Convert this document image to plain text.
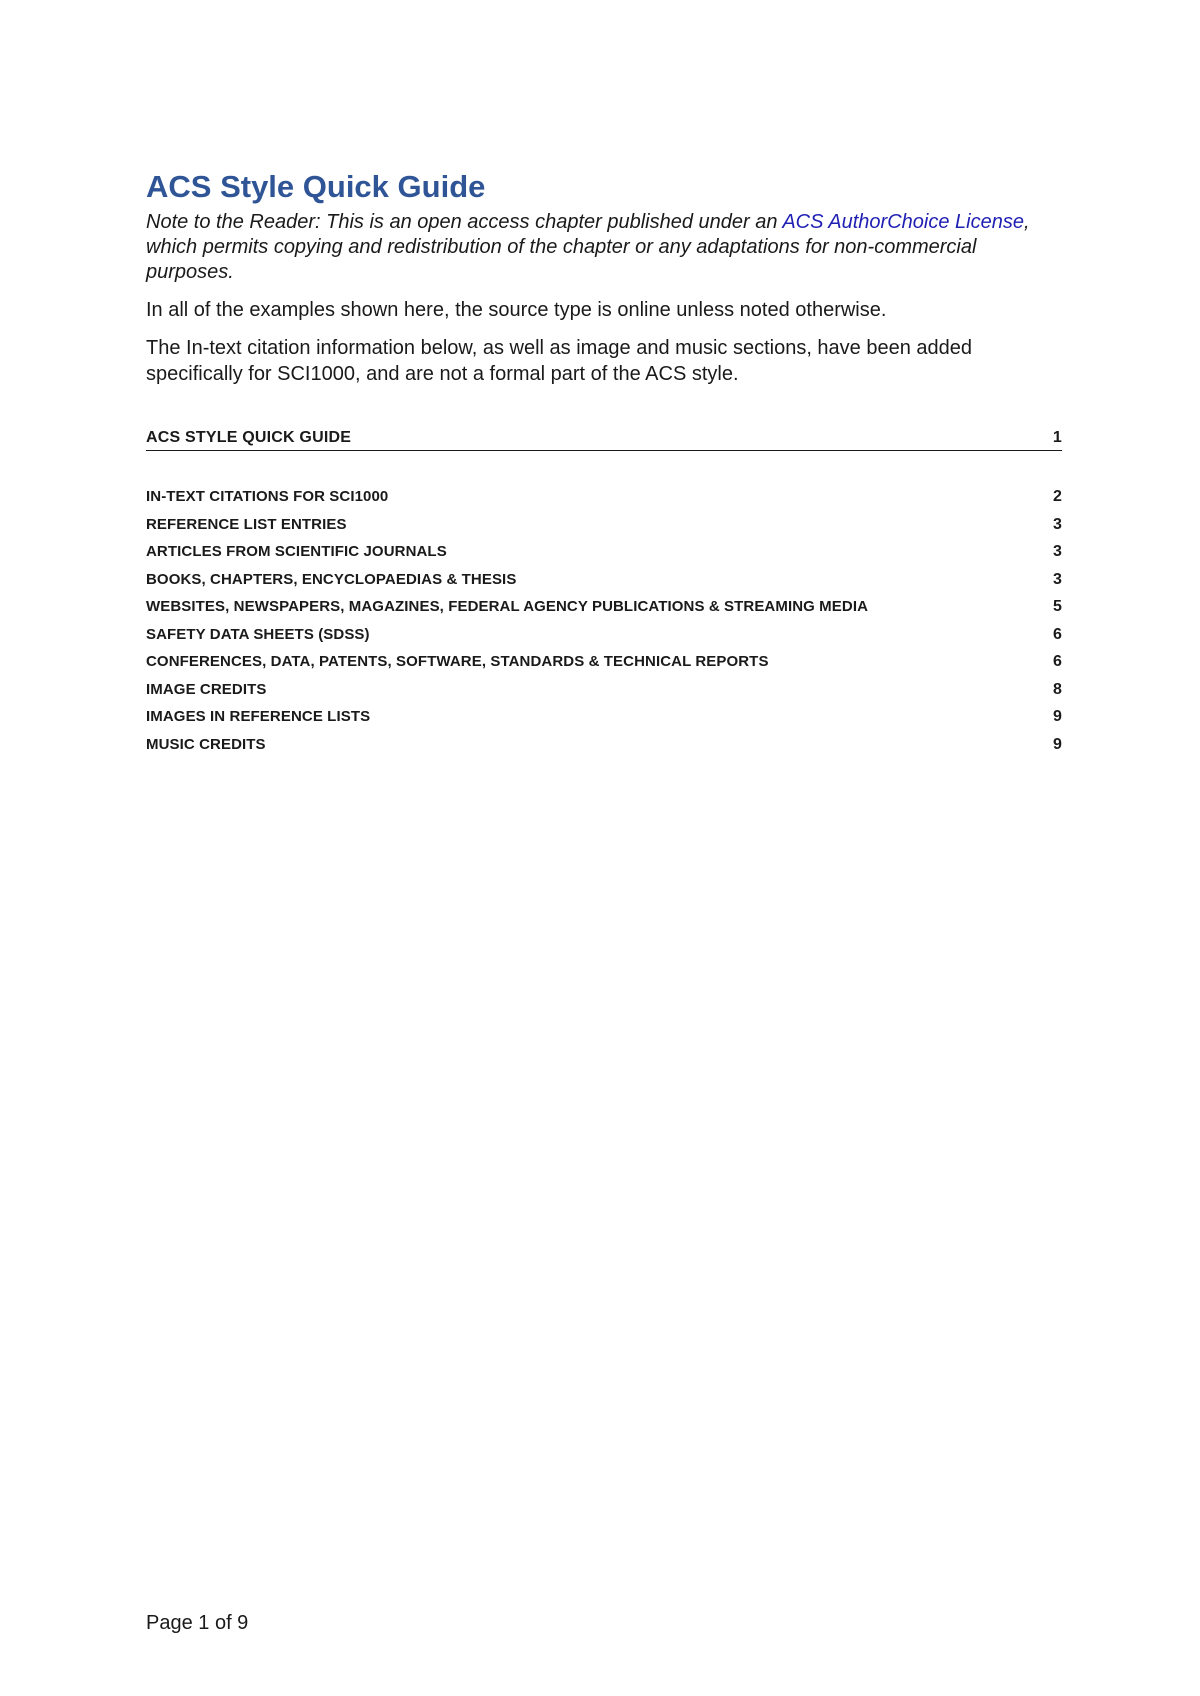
ACS Style Quick Guide

Note to the Reader: This is an open access chapter published under an ACS AuthorChoice License, which permits copying and redistribution of the chapter or any adaptations for non-commercial purposes.

In all of the examples shown here, the source type is online unless noted otherwise.

The In-text citation information below, as well as image and music sections, have been added specifically for SCI1000, and are not a formal part of the ACS style.

ACS STYLE QUICK GUIDE	1
IN-TEXT CITATIONS FOR SCI1000	2
REFERENCE LIST ENTRIES	3
ARTICLES FROM SCIENTIFIC JOURNALS	3
BOOKS, CHAPTERS, ENCYCLOPAEDIAS & THESIS	3
WEBSITES, NEWSPAPERS, MAGAZINES, FEDERAL AGENCY PUBLICATIONS & STREAMING MEDIA	5
SAFETY DATA SHEETS (SDSS)	6
CONFERENCES, DATA, PATENTS, SOFTWARE, STANDARDS & TECHNICAL REPORTS	6
IMAGE CREDITS	8
IMAGES IN REFERENCE LISTS	9
MUSIC CREDITS	9
Page 1 of 9
